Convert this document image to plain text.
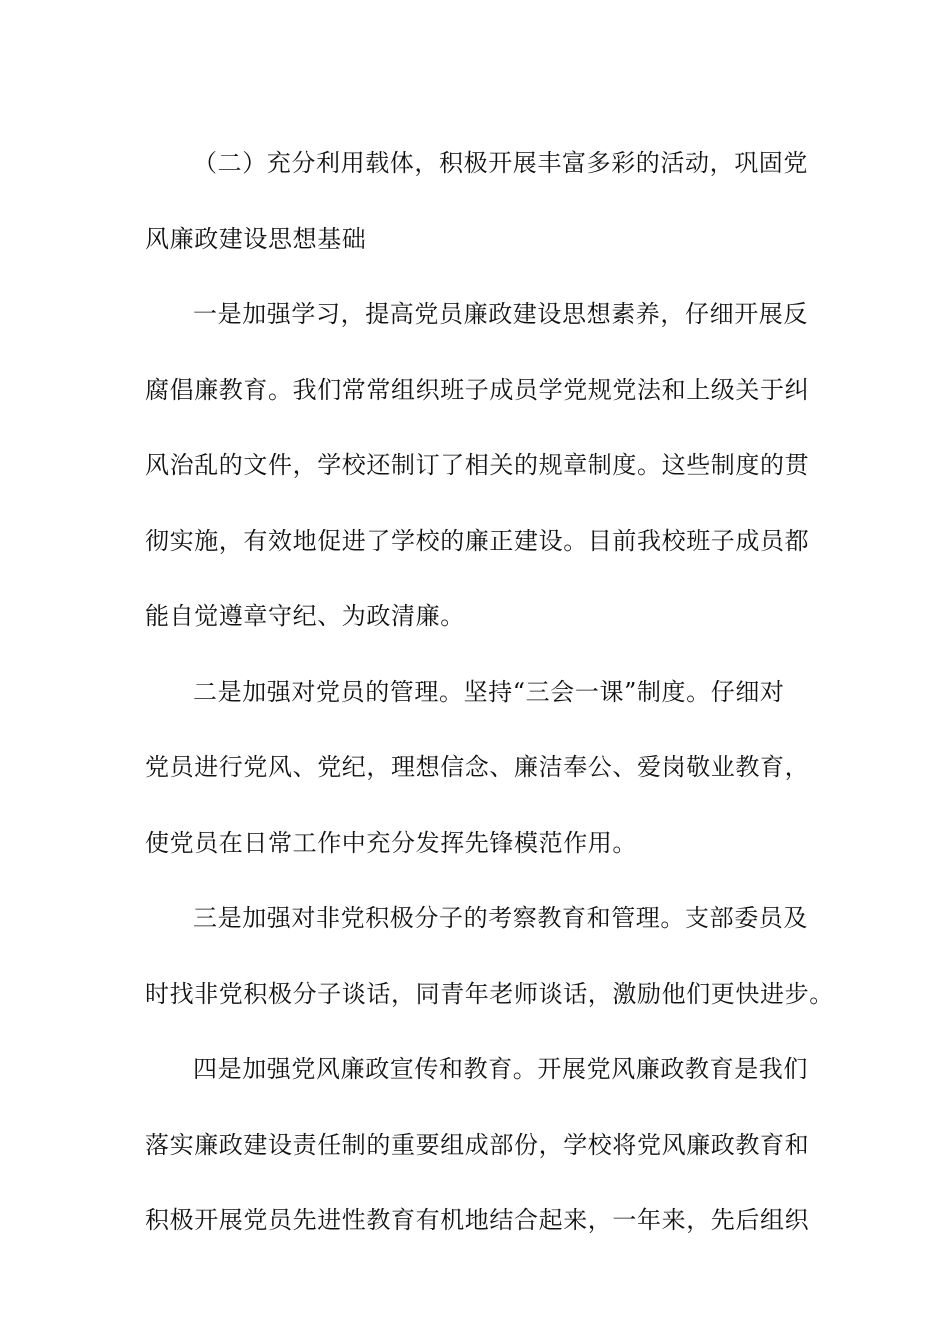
（二）充分利用载体，积极开展丰富多彩的活动，巩固党
风廉政建设思想基础
一是加强学习，提高党员廉政建设思想素养，仔细开展反
腐倡廉教育。我们常常组织班子成员学党规党法和上级关于纠
风治乱的文件，学校还制订了相关的规章制度。这些制度的贯
彻实施，有效地促进了学校的廉正建设。目前我校班子成员都
能自觉遵章守纪、为政清廉。
二是加强对党员的管理。坚持“三会一课”制度。仔细对
党员进行党风、党纪，理想信念、廉洁奉公、爱岗敬业教育，
使党员在日常工作中充分发挥先锋模范作用。
三是加强对非党积极分子的考察教育和管理。支部委员及
时找非党积极分子谈话，同青年老师谈话，激励他们更快进步。
四是加强党风廉政宣传和教育。开展党风廉政教育是我们
落实廉政建设责任制的重要组成部份，学校将党风廉政教育和
积极开展党员先进性教育有机地结合起来，一年来，先后组织
